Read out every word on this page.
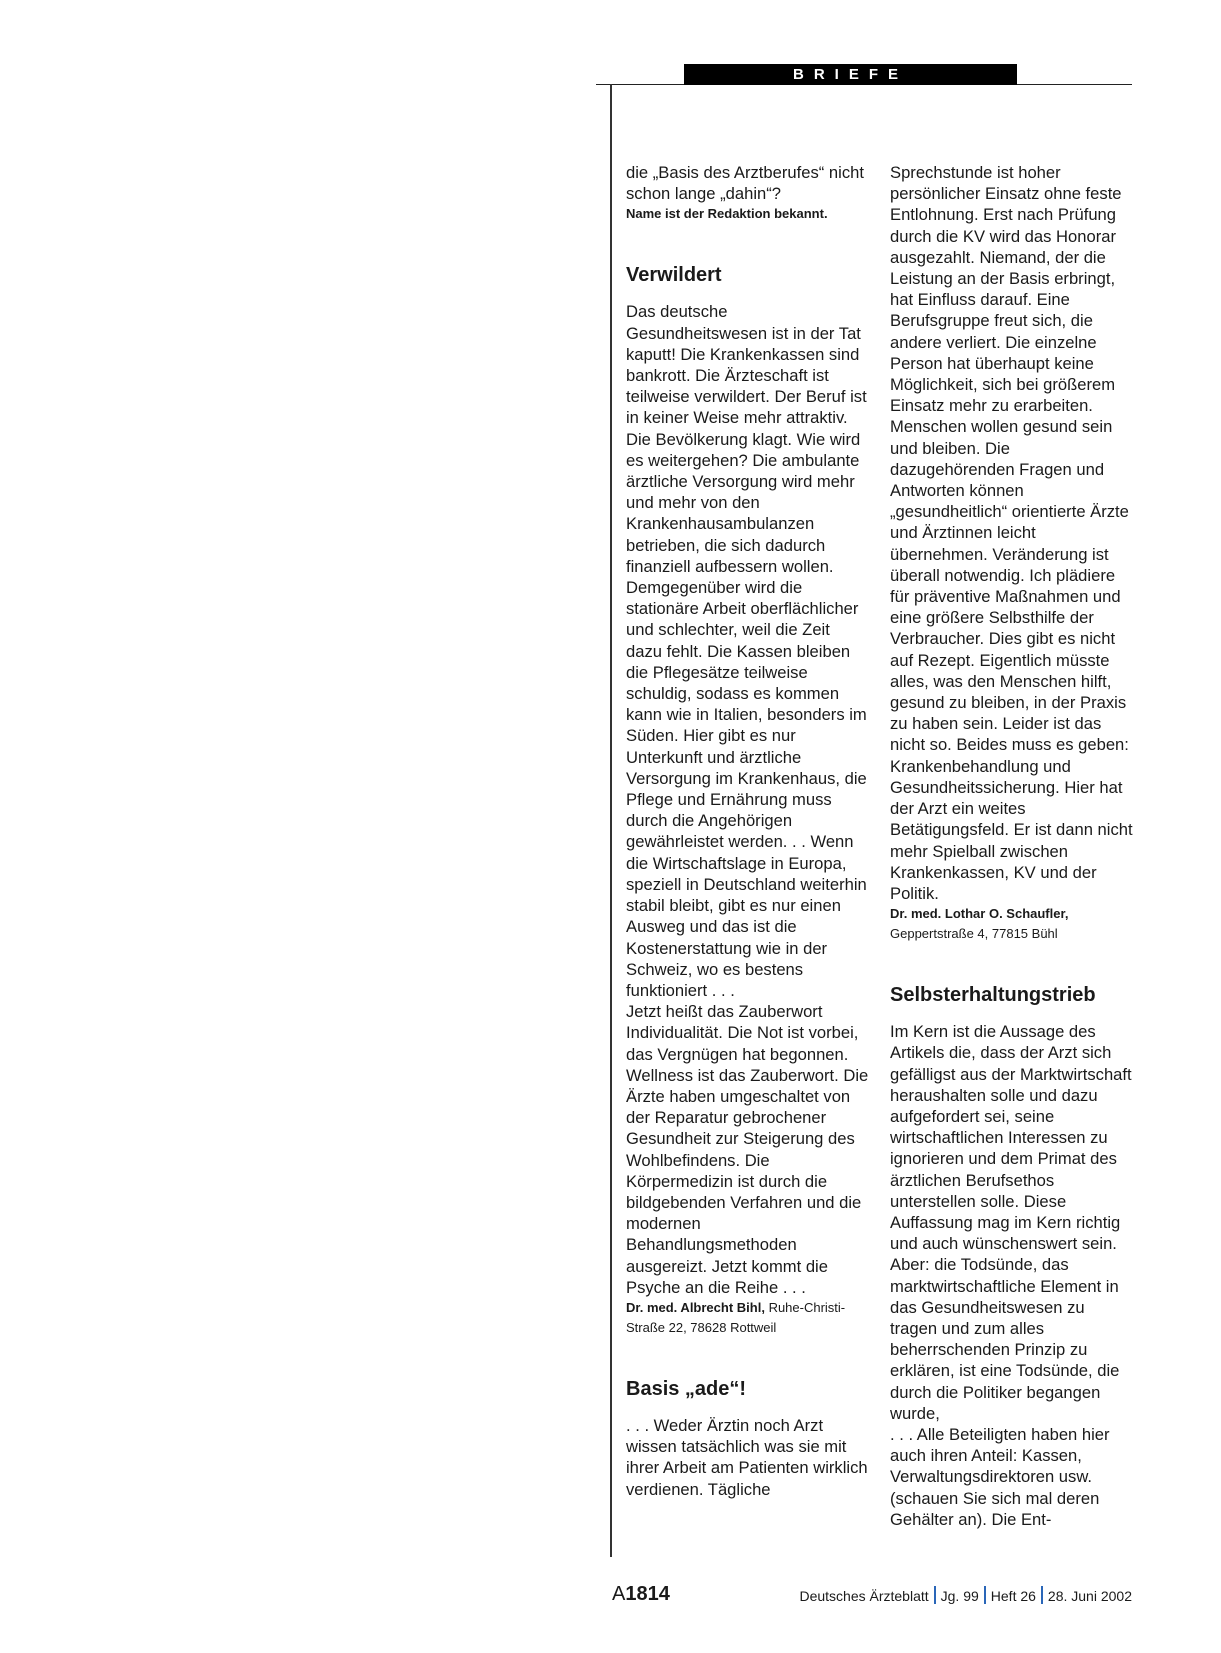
BRIEFE

die „Basis des Arztberufes“ nicht schon lange „dahin“?

Name ist der Redaktion bekannt.

Verwildert

Das deutsche Gesundheitswesen ist in der Tat kaputt! Die Krankenkassen sind bankrott. Die Ärzteschaft ist teilweise verwildert. Der Beruf ist in keiner Weise mehr attraktiv. Die Bevölkerung klagt. Wie wird es weitergehen? Die ambulante ärztliche Versorgung wird mehr und mehr von den Krankenhausambulanzen betrieben, die sich dadurch finanziell aufbessern wollen. Demgegenüber wird die stationäre Arbeit oberflächlicher und schlechter, weil die Zeit dazu fehlt. Die Kassen bleiben die Pflegesätze teilweise schuldig, sodass es kommen kann wie in Italien, besonders im Süden. Hier gibt es nur Unterkunft und ärztliche Versorgung im Krankenhaus, die Pflege und Ernährung muss durch die Angehörigen gewährleistet werden. . . Wenn die Wirtschaftslage in Europa, speziell in Deutschland weiterhin stabil bleibt, gibt es nur einen Ausweg und das ist die Kostenerstattung wie in der Schweiz, wo es bestens funktioniert . . .

Jetzt heißt das Zauberwort Individualität. Die Not ist vorbei, das Vergnügen hat begonnen. Wellness ist das Zauberwort. Die Ärzte haben umgeschaltet von der Reparatur gebrochener Gesundheit zur Steigerung des Wohlbefindens. Die Körpermedizin ist durch die bildgebenden Verfahren und die modernen Behandlungsmethoden ausgereizt. Jetzt kommt die Psyche an die Reihe . . .

Dr. med. Albrecht Bihl, Ruhe-Christi-Straße 22, 78628 Rottweil

Basis „ade“!

. . . Weder Ärztin noch Arzt wissen tatsächlich was sie mit ihrer Arbeit am Patienten wirklich verdienen. Tägliche

Sprechstunde ist hoher persönlicher Einsatz ohne feste Entlohnung. Erst nach Prüfung durch die KV wird das Honorar ausgezahlt. Niemand, der die Leistung an der Basis erbringt, hat Einfluss darauf. Eine Berufsgruppe freut sich, die andere verliert. Die einzelne Person hat überhaupt keine Möglichkeit, sich bei größerem Einsatz mehr zu erarbeiten. Menschen wollen gesund sein und bleiben. Die dazugehörenden Fragen und Antworten können „gesundheitlich“ orientierte Ärzte und Ärztinnen leicht übernehmen. Veränderung ist überall notwendig. Ich plädiere für präventive Maßnahmen und eine größere Selbsthilfe der Verbraucher. Dies gibt es nicht auf Rezept. Eigentlich müsste alles, was den Menschen hilft, gesund zu bleiben, in der Praxis zu haben sein. Leider ist das nicht so. Beides muss es geben: Krankenbehandlung und Gesundheitssicherung. Hier hat der Arzt ein weites Betätigungsfeld. Er ist dann nicht mehr Spielball zwischen Krankenkassen, KV und der Politik.

Dr. med. Lothar O. Schaufler,
Geppertstraße 4, 77815 Bühl

Selbsterhaltungstrieb

Im Kern ist die Aussage des Artikels die, dass der Arzt sich gefälligst aus der Marktwirtschaft heraushalten solle und dazu aufgefordert sei, seine wirtschaftlichen Interessen zu ignorieren und dem Primat des ärztlichen Berufsethos unterstellen solle. Diese Auffassung mag im Kern richtig und auch wünschenswert sein. Aber: die Todsünde, das marktwirtschaftliche Element in das Gesundheitswesen zu tragen und zum alles beherrschenden Prinzip zu erklären, ist eine Todsünde, die durch die Politiker begangen wurde,

. . . Alle Beteiligten haben hier auch ihren Anteil: Kassen, Verwaltungsdirektoren usw. (schauen Sie sich mal deren Gehälter an). Die Ent-

A1814	Deutsches Ärzteblatt Jg. 99 Heft 26 28. Juni 2002
